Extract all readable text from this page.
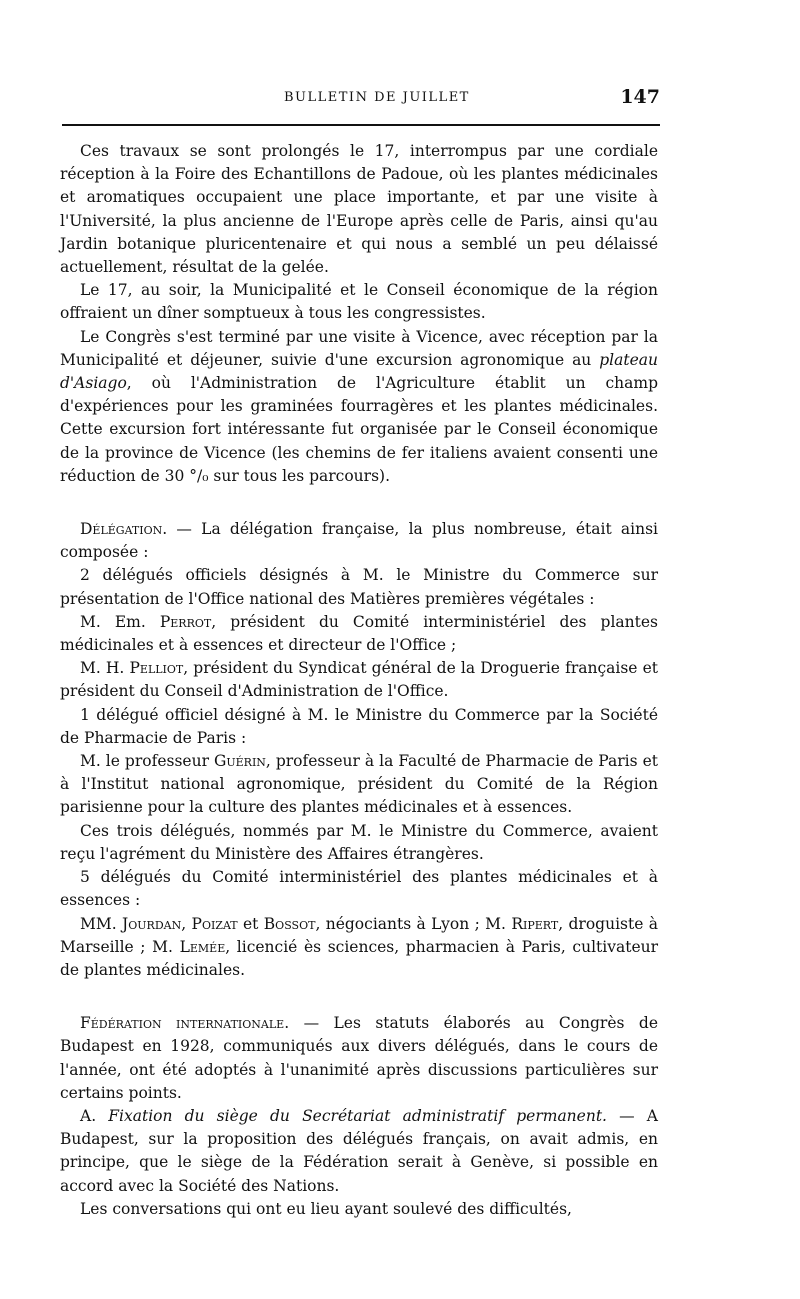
BULLETIN DE JUILLET	147

Ces travaux se sont prolongés le 17, interrompus par une cordiale réception à la Foire des Echantillons de Padoue, où les plantes médicinales et aromatiques occupaient une place importante, et par une visite à l'Université, la plus ancienne de l'Europe après celle de Paris, ainsi qu'au Jardin botanique pluricentenaire et qui nous a semblé un peu délaissé actuellement, résultat de la gelée.

Le 17, au soir, la Municipalité et le Conseil économique de la région offraient un dîner somptueux à tous les congressistes.

Le Congrès s'est terminé par une visite à Vicence, avec réception par la Municipalité et déjeuner, suivie d'une excursion agronomique au plateau d'Asiago, où l'Administration de l'Agriculture établit un champ d'expériences pour les graminées fourragères et les plantes médicinales. Cette excursion fort intéressante fut organisée par le Conseil économique de la province de Vicence (les chemins de fer italiens avaient consenti une réduction de 30 °/₀ sur tous les parcours).

Délégation. — La délégation française, la plus nombreuse, était ainsi composée :

2 délégués officiels désignés à M. le Ministre du Commerce sur présentation de l'Office national des Matières premières végétales :

M. Em. Perrot, président du Comité interministériel des plantes médicinales et à essences et directeur de l'Office ;

M. H. Pelliot, président du Syndicat général de la Droguerie française et président du Conseil d'Administration de l'Office.

1 délégué officiel désigné à M. le Ministre du Commerce par la Société de Pharmacie de Paris :

M. le professeur Guérin, professeur à la Faculté de Pharmacie de Paris et à l'Institut national agronomique, président du Comité de la Région parisienne pour la culture des plantes médicinales et à essences.

Ces trois délégués, nommés par M. le Ministre du Commerce, avaient reçu l'agrément du Ministère des Affaires étrangères.

5 délégués du Comité interministériel des plantes médicinales et à essences :

MM. Jourdan, Poizat et Bossot, négociants à Lyon ; M. Ripert, droguiste à Marseille ; M. Lemée, licencié ès sciences, pharmacien à Paris, cultivateur de plantes médicinales.

Fédération internationale. — Les statuts élaborés au Congrès de Budapest en 1928, communiqués aux divers délégués, dans le cours de l'année, ont été adoptés à l'unanimité après discussions particulières sur certains points.

A. Fixation du siège du Secrétariat administratif permanent. — A Budapest, sur la proposition des délégués français, on avait admis, en principe, que le siège de la Fédération serait à Genève, si possible en accord avec la Société des Nations.

Les conversations qui ont eu lieu ayant soulevé des difficultés,
